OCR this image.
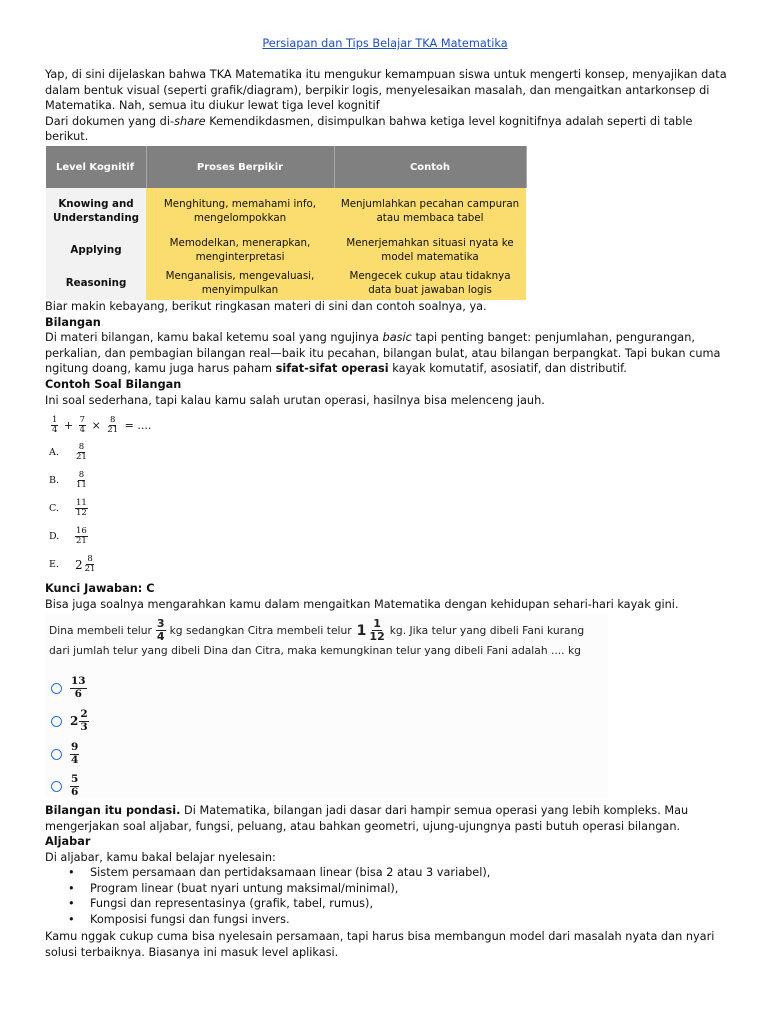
Persiapan dan Tips Belajar TKA Matematika

Yap, di sini dijelaskan bahwa TKA Matematika itu mengukur kemampuan siswa untuk mengerti konsep, menyajikan data
dalam bentuk visual (seperti grafik/diagram), berpikir logis, menyelesaikan masalah, dan mengaitkan antarkonsep di
Matematika. Nah, semua itu diukur lewat tiga level kognitif
Dari dokumen yang di-share Kemendikdasmen, disimpulkan bahwa ketiga level kognitifnya adalah seperti di table
berikut.

Level Kognitif	Proses Berpikir	Contoh
Knowing and Understanding	Menghitung, memahami info, mengelompokkan	Menjumlahkan pecahan campuran atau membaca tabel
Applying	Memodelkan, menerapkan, menginterpretasi	Menerjemahkan situasi nyata ke model matematika
Reasoning	Menganalisis, mengevaluasi, menyimpulkan	Mengecek cukup atau tidaknya data buat jawaban logis

Biar makin kebayang, berikut ringkasan materi di sini dan contoh soalnya, ya.
Bilangan
Di materi bilangan, kamu bakal ketemu soal yang ngujinya basic tapi penting banget: penjumlahan, pengurangan,
perkalian, dan pembagian bilangan real—baik itu pecahan, bilangan bulat, atau bilangan berpangkat. Tapi bukan cuma
ngitung doang, kamu juga harus paham sifat-sifat operasi kayak komutatif, asosiatif, dan distributif.
Contoh Soal Bilangan
Ini soal sederhana, tapi kalau kamu salah urutan operasi, hasilnya bisa melenceng jauh.

$\frac{1}{4} + \frac{7}{4} \times \frac{8}{21}$ = ....
A.	$\frac{8}{21}$
B.	$\frac{8}{11}$
C.	$\frac{11}{12}$
D.	$\frac{16}{21}$
E.	$2 \frac{8}{21}$

Kunci Jawaban: C
Bisa juga soalnya mengarahkan kamu dalam mengaitkan Matematika dengan kehidupan sehari-hari kayak gini.

Dina membeli telur $\frac{3}{4}$ kg sedangkan Citra membeli telur $1 \frac{1}{12}$ kg. Jika telur yang dibeli Fani kurang
dari jumlah telur yang dibeli Dina dan Citra, maka kemungkinan telur yang dibeli Fani adalah .... kg
$\frac{13}{6}$
$2 \frac{2}{3}$
$\frac{9}{4}$
$\frac{5}{6}$

Bilangan itu pondasi. Di Matematika, bilangan jadi dasar dari hampir semua operasi yang lebih kompleks. Mau
mengerjakan soal aljabar, fungsi, peluang, atau bahkan geometri, ujung-ujungnya pasti butuh operasi bilangan.
Aljabar
Di aljabar, kamu bakal belajar nyelesain:

• Sistem persamaan dan pertidaksamaan linear (bisa 2 atau 3 variabel),
• Program linear (buat nyari untung maksimal/minimal),
• Fungsi dan representasinya (grafik, tabel, rumus),
• Komposisi fungsi dan fungsi invers.

Kamu nggak cukup cuma bisa nyelesain persamaan, tapi harus bisa membangun model dari masalah nyata dan nyari
solusi terbaiknya. Biasanya ini masuk level aplikasi.
